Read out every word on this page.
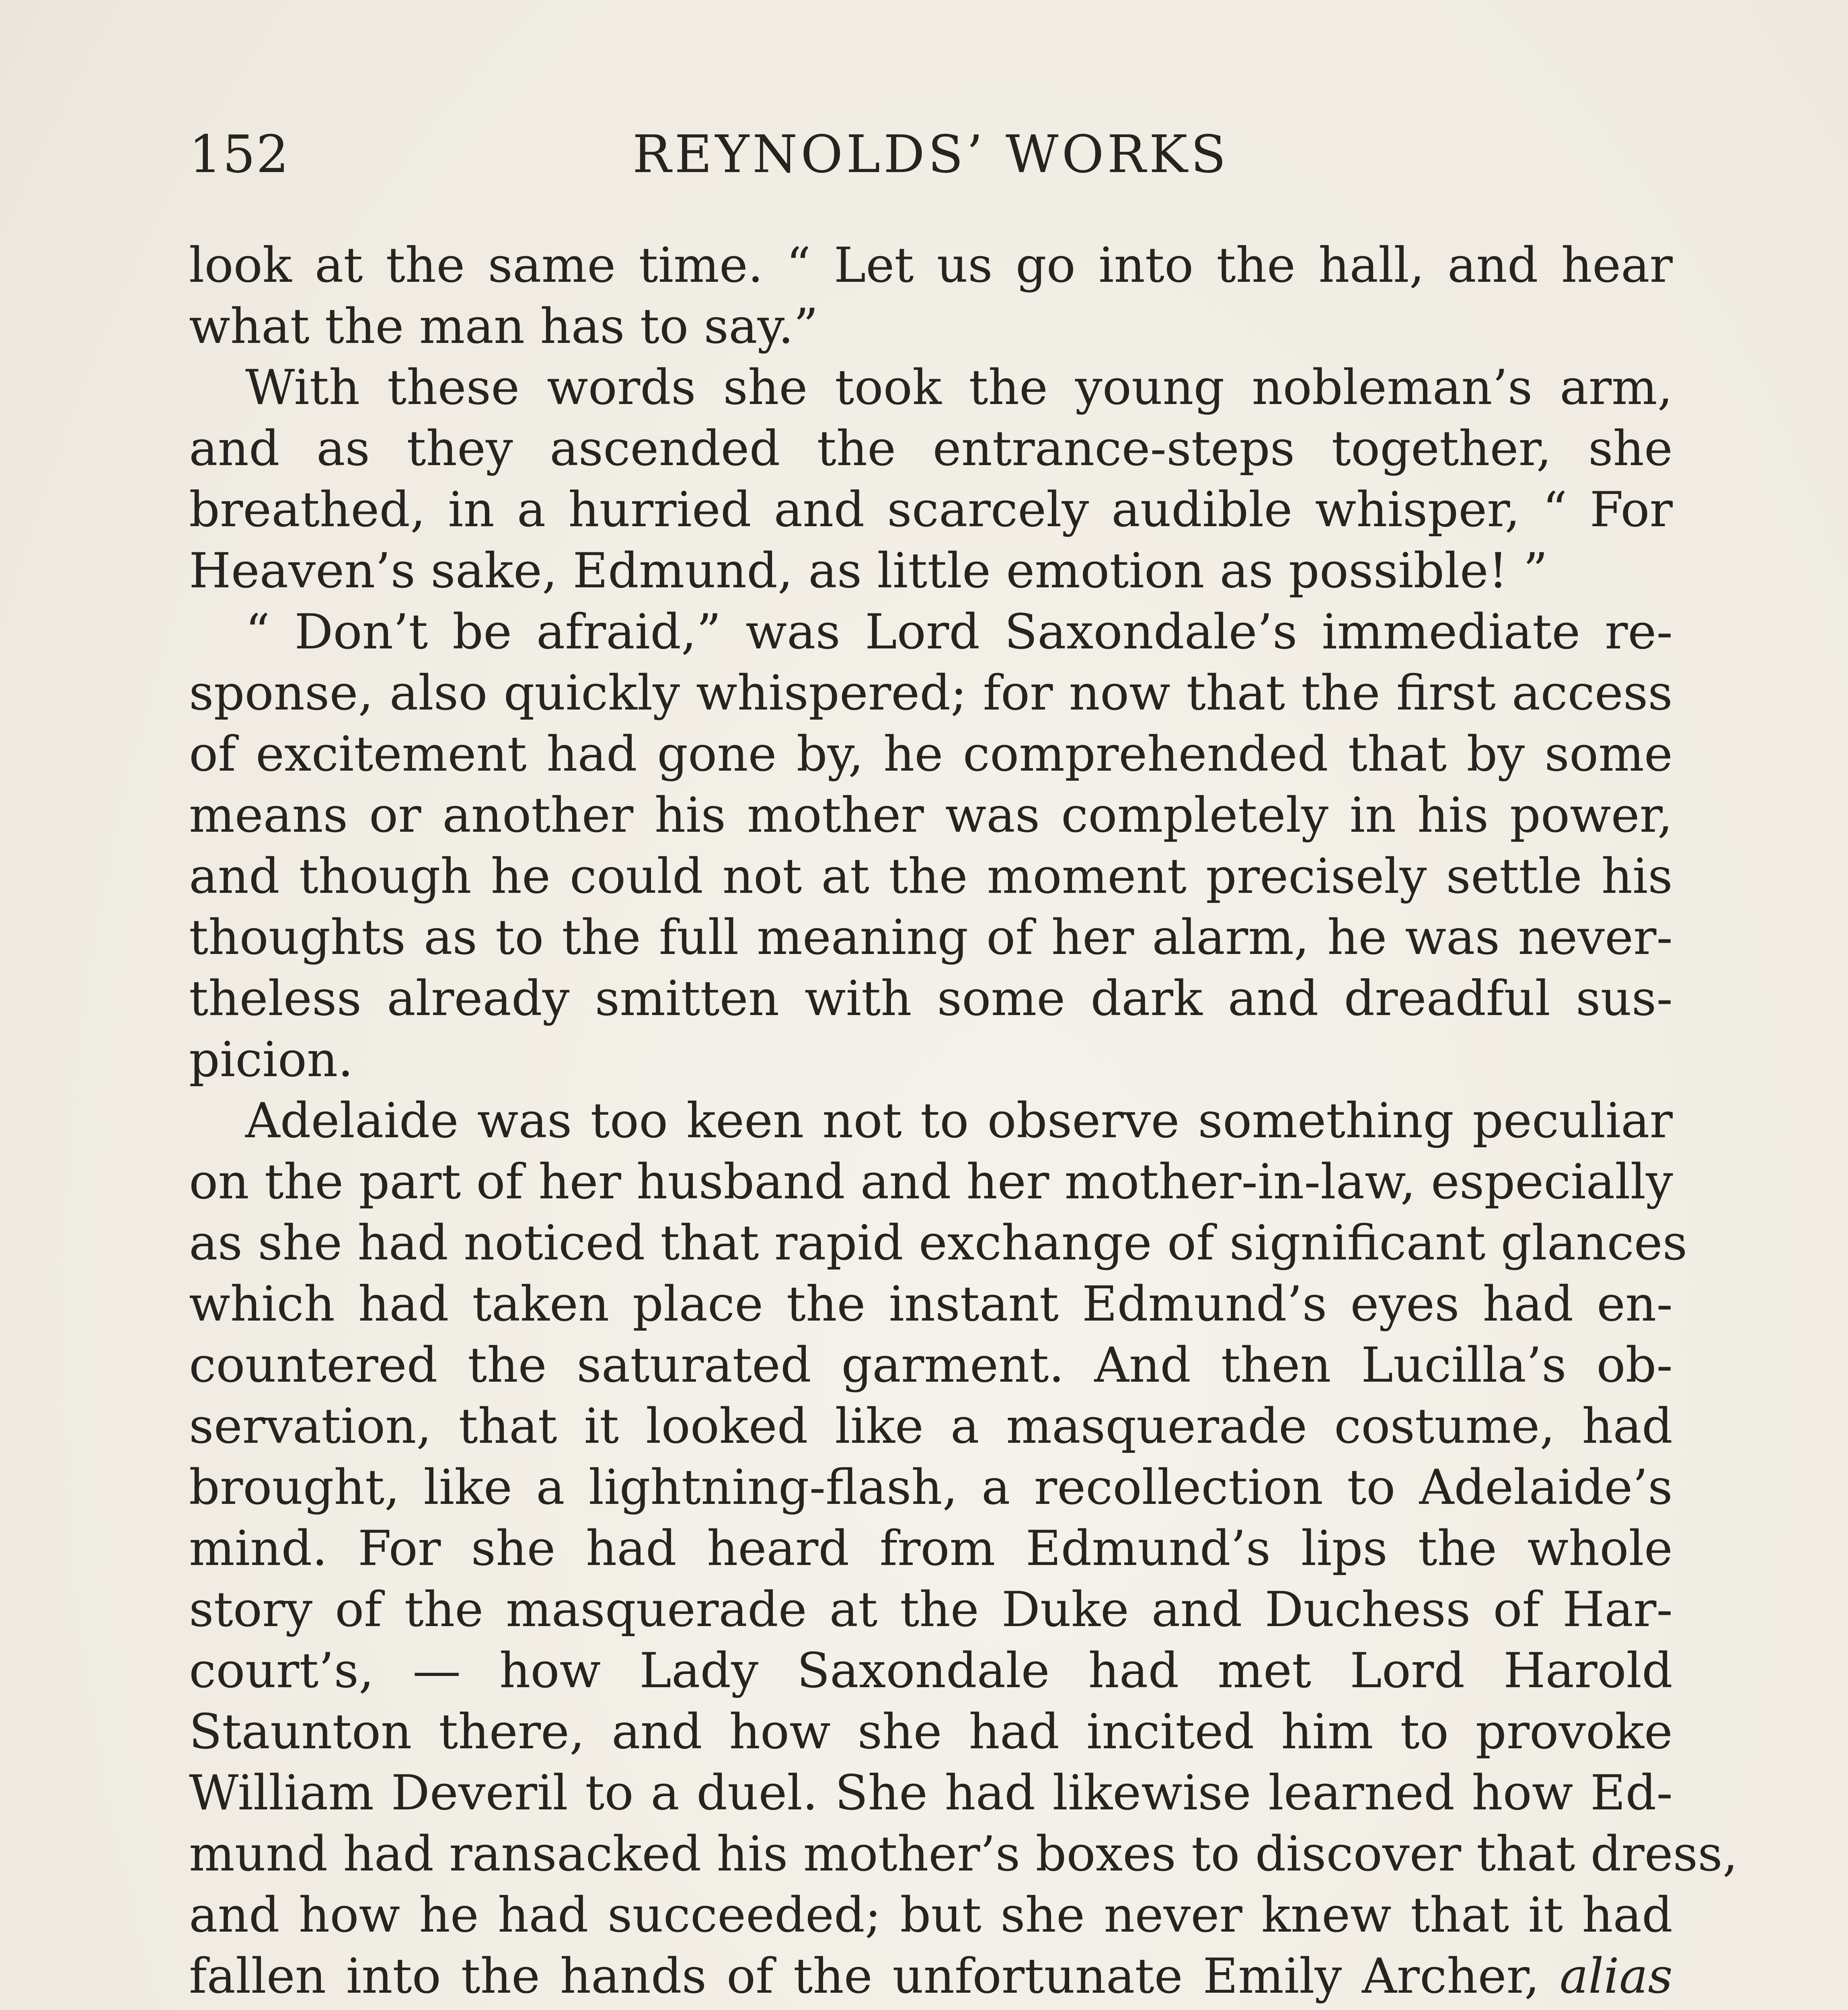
152	REYNOLDS’ WORKS

look at the same time. “ Let us go into the hall, and hear

what the man has to say.”

With these words she took the young nobleman’s arm,

and as they ascended the entrance-steps together, she

breathed, in a hurried and scarcely audible whisper, “ For

Heaven’s sake, Edmund, as little emotion as possible! ”

“ Don’t be afraid,” was Lord Saxondale’s immediate re-

sponse, also quickly whispered; for now that the first access

of excitement had gone by, he comprehended that by some

means or another his mother was completely in his power,

and though he could not at the moment precisely settle his

thoughts as to the full meaning of her alarm, he was never-

theless already smitten with some dark and dreadful sus-

picion.

Adelaide was too keen not to observe something peculiar

on the part of her husband and her mother-in-law, especially

as she had noticed that rapid exchange of significant glances

which had taken place the instant Edmund’s eyes had en-

countered the saturated garment. And then Lucilla’s ob-

servation, that it looked like a masquerade costume, had

brought, like a lightning-flash, a recollection to Adelaide’s

mind. For she had heard from Edmund’s lips the whole

story of the masquerade at the Duke and Duchess of Har-

court’s, — how Lady Saxondale had met Lord Harold

Staunton there, and how she had incited him to provoke

William Deveril to a duel. She had likewise learned how Ed-

mund had ransacked his mother’s boxes to discover that dress,

and how he had succeeded; but she never knew that it had

fallen into the hands of the unfortunate Emily Archer, alias
